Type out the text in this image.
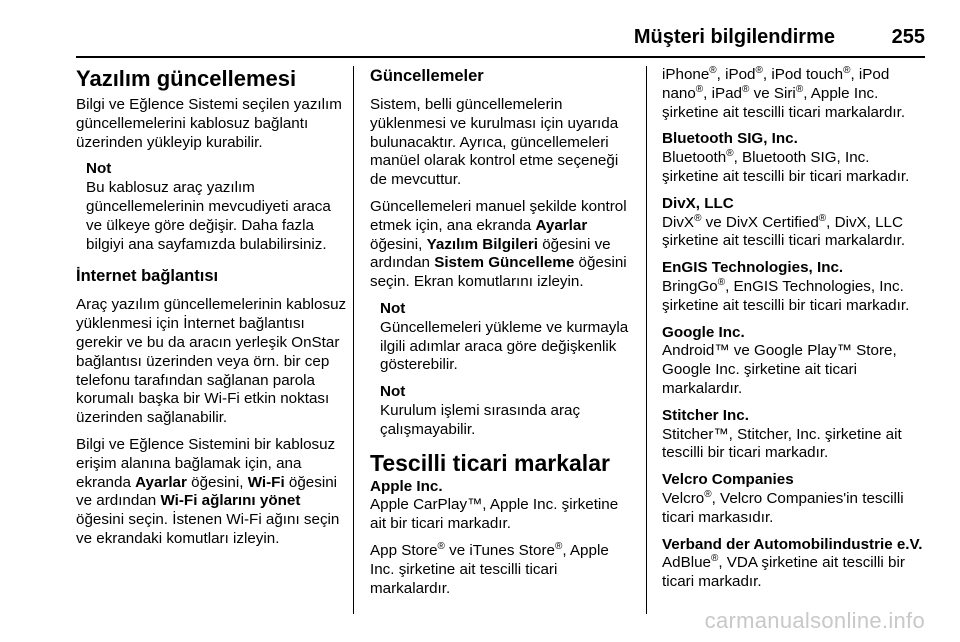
Müşteri bilgilendirme	255
Yazılım güncellemesi

Bilgi ve Eğlence Sistemi seçilen yazılım güncellemelerini kablosuz bağlantı üzerinden yükleyip kurabilir.

Not
Bu kablosuz araç yazılım güncellemelerinin mevcudiyeti araca ve ülkeye göre değişir. Daha fazla bilgiyi ana sayfamızda bulabilirsiniz.
İnternet bağlantısı

Araç yazılım güncellemelerinin kablosuz yüklenmesi için İnternet bağlantısı gerekir ve bu da aracın yerleşik OnStar bağlantısı üzerinden veya örn. bir cep telefonu tarafından sağlanan parola korumalı başka bir Wi-Fi etkin noktası üzerinden sağlanabilir.

Bilgi ve Eğlence Sistemini bir kablosuz erişim alanına bağlamak için, ana ekranda Ayarlar öğesini, Wi-Fi öğesini ve ardından Wi-Fi ağlarını yönet öğesini seçin. İstenen Wi-Fi ağını seçin ve ekrandaki komutları izleyin.

Güncellemeler

Sistem, belli güncellemelerin yüklenmesi ve kurulması için uyarıda bulunacaktır. Ayrıca, güncellemeleri manüel olarak kontrol etme seçeneği de mevcuttur.

Güncellemeleri manuel şekilde kontrol etmek için, ana ekranda Ayarlar öğesini, Yazılım Bilgileri öğesini ve ardından Sistem Güncelleme öğesini seçin. Ekran komutlarını izleyin.

Not
Güncellemeleri yükleme ve kurmayla ilgili adımlar araca göre değişkenlik gösterebilir.
Not
Kurulum işlemi sırasında araç çalışmayabilir.
Tescilli ticari markalar
Apple Inc.
Apple CarPlay™, Apple Inc. şirketine ait bir ticari markadır.

App Store® ve iTunes Store®, Apple Inc. şirketine ait tescilli ticari markalardır.

iPhone®, iPod®, iPod touch®, iPod nano®, iPad® ve Siri®, Apple Inc. şirketine ait tescilli ticari markalardır.

Bluetooth SIG, Inc.
Bluetooth®, Bluetooth SIG, Inc. şirketine ait tescilli bir ticari markadır.
DivX, LLC
DivX® ve DivX Certified®, DivX, LLC şirketine ait tescilli ticari markalardır.
EnGIS Technologies, Inc.
BringGo®, EnGIS Technologies, Inc. şirketine ait tescilli bir ticari markadır.
Google Inc.
Android™ ve Google Play™ Store, Google Inc. şirketine ait ticari markalardır.
Stitcher Inc.
Stitcher™, Stitcher, Inc. şirketine ait tescilli bir ticari markadır.
Velcro Companies
Velcro®, Velcro Companies'in tescilli ticari markasıdır.
Verband der Automobilindustrie e.V.
AdBlue®, VDA şirketine ait tescilli bir ticari markadır.
carmanualsonline.info
